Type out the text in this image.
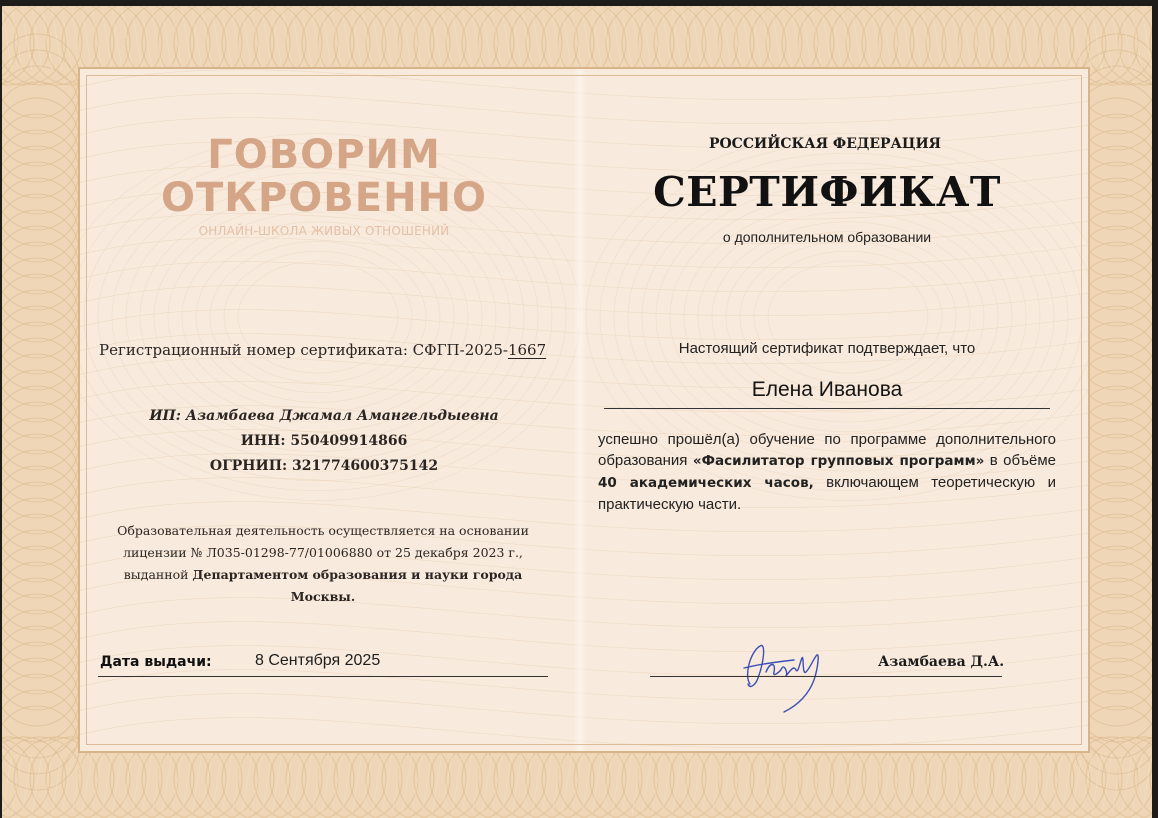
ГОВОРИМ
ОТКРОВЕННО
ОНЛАЙН-ШКОЛА ЖИВЫХ ОТНОШЕНИЙ
Регистрационный номер сертификата: СФГП-2025-1667
ИП: Азамбаева Джамал Амангельдыевна
ИНН: 550409914866
ОГРНИП: 321774600375142
Образовательная деятельность осуществляется на основании
лицензии № Л035-01298-77/01006880 от 25 декабря 2023 г.,
выданной Департаментом образования и науки города
Москвы.
Дата выдачи:	8 Сентября 2025
РОССИЙСКАЯ ФЕДЕРАЦИЯ
СЕРТИФИКАТ
о дополнительном образовании
Настоящий сертификат подтверждает, что
Елена Иванова
успешно прошёл(а) обучение по программе дополнительного образования «Фасилитатор групповых программ» в объёме 40 академических часов, включающем теоретическую и практическую части.
Азамбаева Д.А.
